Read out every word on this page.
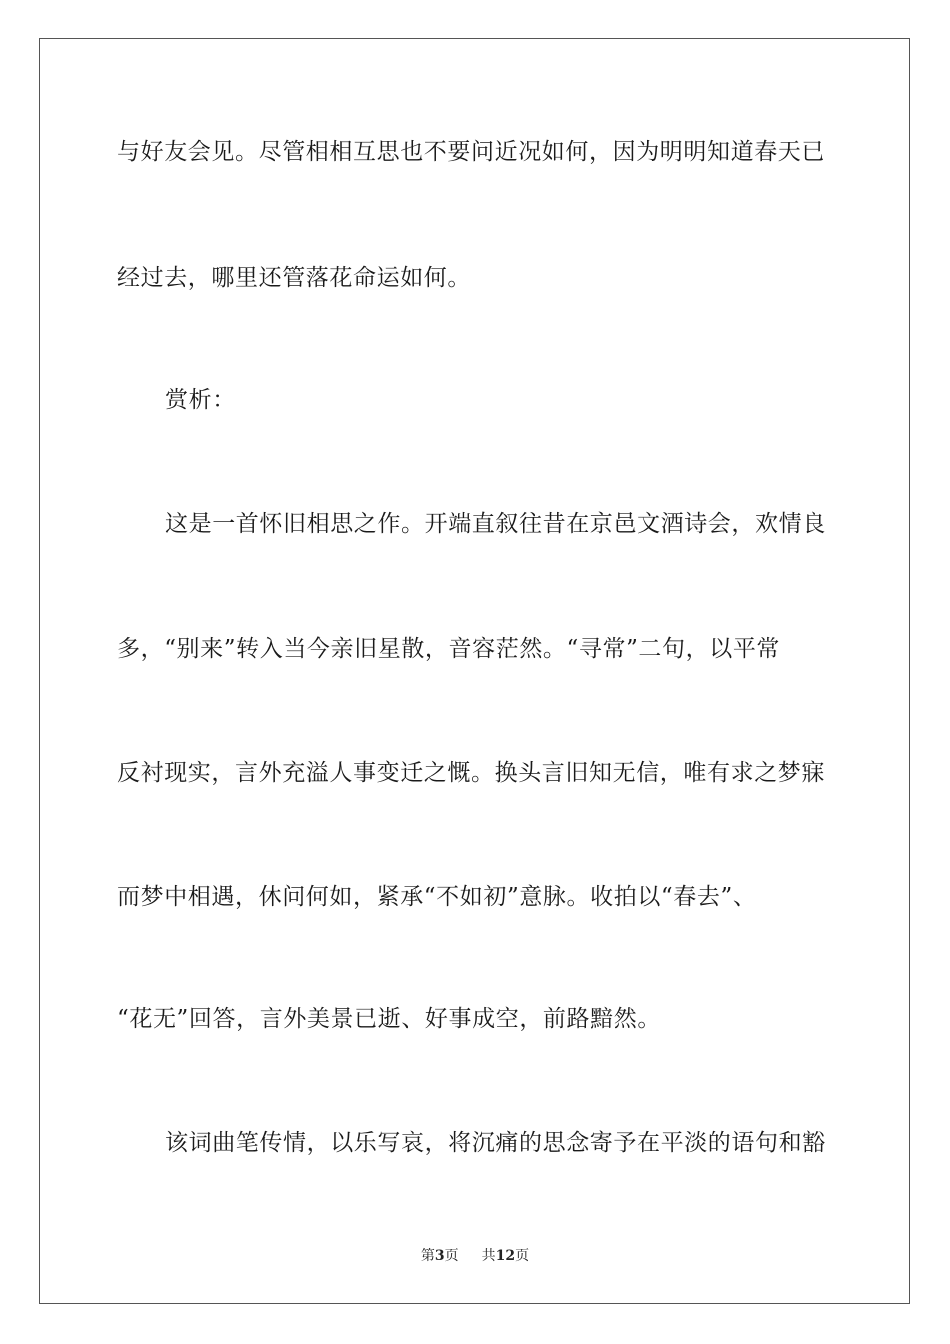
与好友会见。尽管相相互思也不要问近况如何，因为明明知道春天已
经过去，哪里还管落花命运如何。
赏析：
这是一首怀旧相思之作。开端直叙往昔在京邑文酒诗会，欢情良
多，“别来”转入当今亲旧星散，音容茫然。“寻常”二句，以平常
反衬现实，言外充溢人事变迁之慨。换头言旧知无信，唯有求之梦寐
而梦中相遇，休问何如，紧承“不如初”意脉。收拍以“春去”、
“花无”回答，言外美景已逝、好事成空，前路黯然。
该词曲笔传情，以乐写哀，将沉痛的思念寄予在平淡的语句和豁
第3页 共12页
